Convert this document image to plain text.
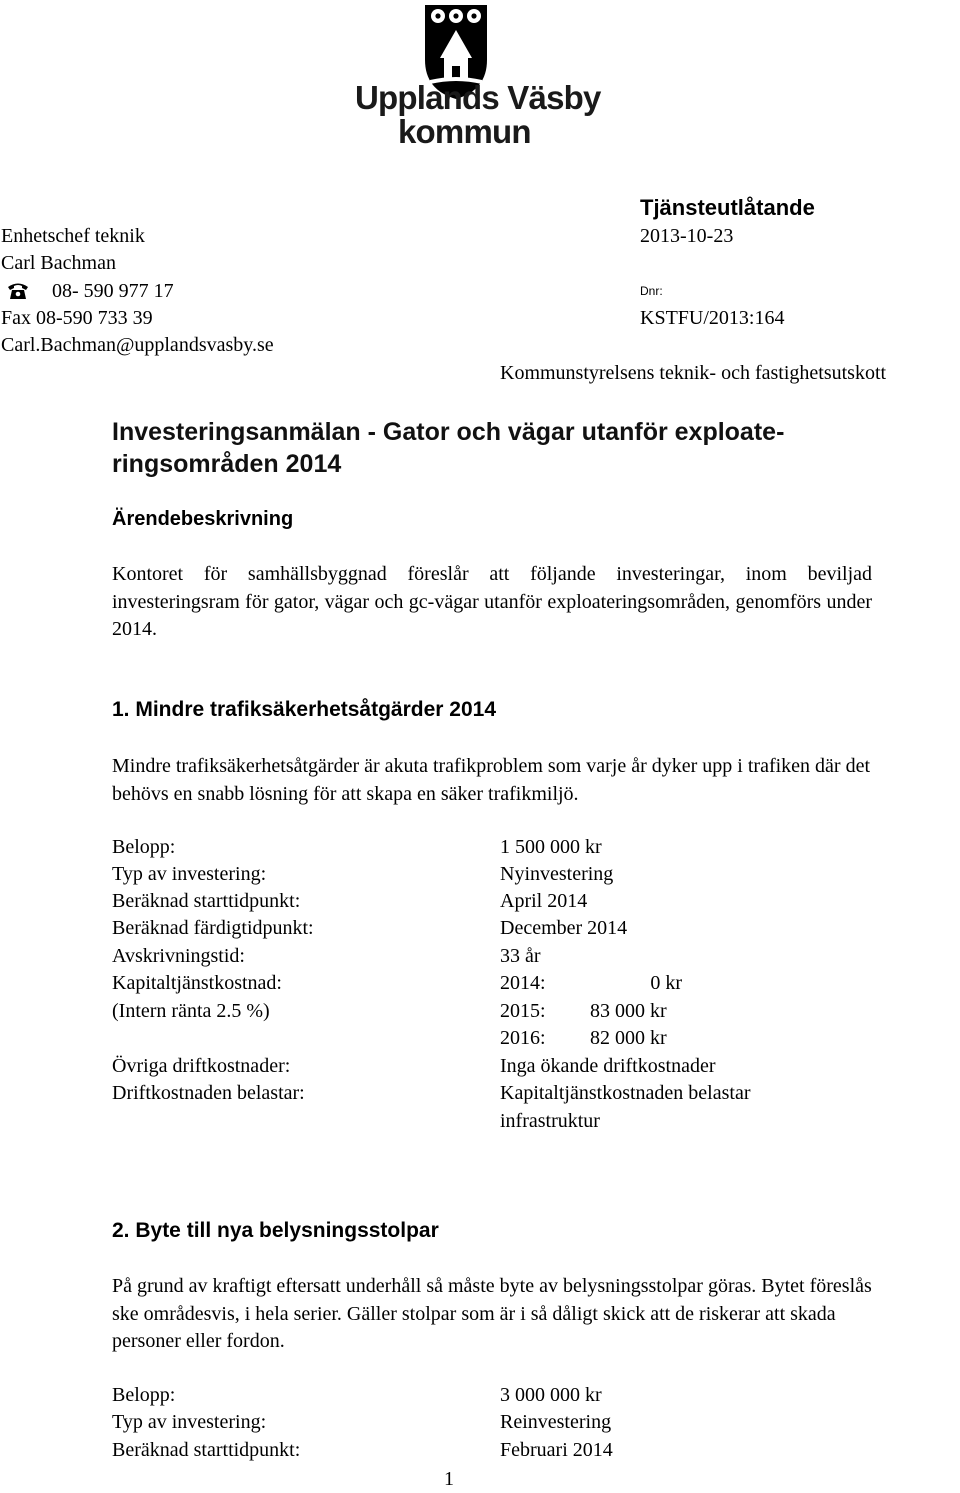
Upplands Väsby
kommun
Tjänsteutlåtande
Enhetschef teknik	2013-10-23
Carl Bachman
08- 590 977 17	Dnr:
Fax 08-590 733 39	KSTFU/2013:164
Carl.Bachman@upplandsvasby.se
Kommunstyrelsens teknik- och fastighetsutskott
Investeringsanmälan - Gator och vägar utanför exploate-
ringsområden 2014
Ärendebeskrivning
Kontoret för samhällsbyggnad föreslår att följande investeringar, inom beviljad investeringsram för gator, vägar och gc-vägar utanför exploateringsområden, genomförs under 2014.
1. Mindre trafiksäkerhetsåtgärder 2014
Mindre trafiksäkerhetsåtgärder är akuta trafikproblem som varje år dyker upp i trafiken där det behövs en snabb lösning för att skapa en säker trafikmiljö.
Belopp:	1 500 000 kr
Typ av investering:	Nyinvestering
Beräknad starttidpunkt:	April 2014
Beräknad färdigtidpunkt:	December 2014
Avskrivningstid:	33 år
Kapitaltjänstkostnad:	2014:	0 kr
(Intern ränta 2.5 %)	2015: 83 000 kr
2016: 82 000 kr
Övriga driftkostnader:	Inga ökande driftkostnader
Driftkostnaden belastar:	Kapitaltjänstkostnaden belastar
infrastruktur
2. Byte till nya belysningsstolpar
På grund av kraftigt eftersatt underhåll så måste byte av belysningsstolpar göras. Bytet föreslås ske områdesvis, i hela serier. Gäller stolpar som är i så dåligt skick att de riskerar att skada personer eller fordon.
Belopp:	3 000 000 kr
Typ av investering:	Reinvestering
Beräknad starttidpunkt:	Februari 2014
1
